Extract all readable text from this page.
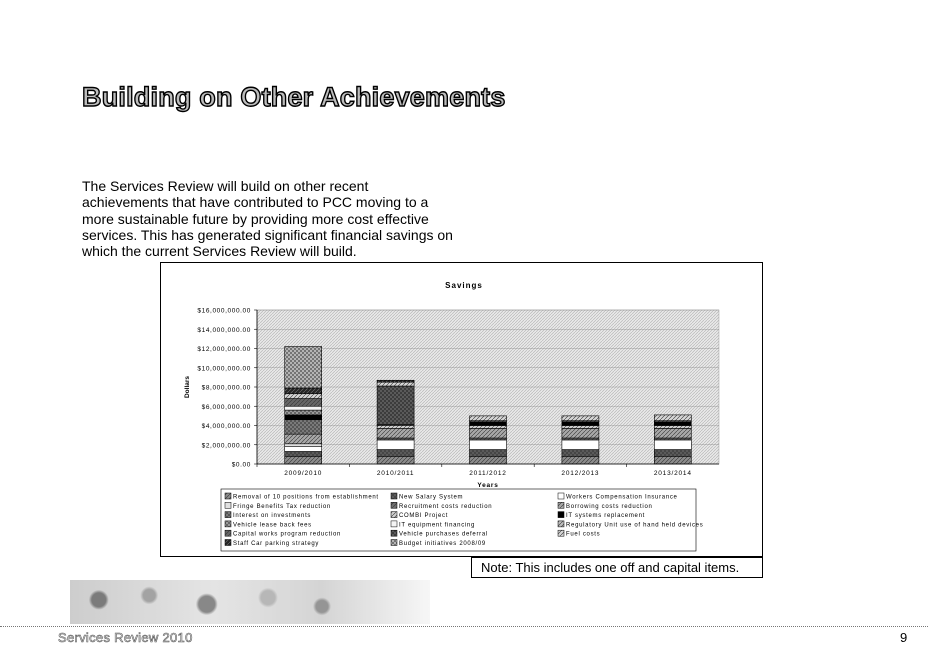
Building on Other Achievements
The Services Review will build on other recent achievements that have contributed to PCC moving to a more sustainable future by providing more cost effective services. This has generated significant financial savings on which the current Services Review will build.
Savings
$0.00
$2,000,000.00
$4,000,000.00
$6,000,000.00
$8,000,000.00
$10,000,000.00
$12,000,000.00
$14,000,000.00
$16,000,000.00
2009/2010	2010/2011	2011/2012	2012/2013	2013/2014
Years
Dollars
Removal of 10 positions from establishment	New Salary System	Workers Compensation Insurance
Fringe Benefits Tax reduction	Recruitment costs reduction	Borrowing costs reduction
Interest on investments	COMBI Project	IT systems replacement
Vehicle lease back fees	IT equipment financing	Regulatory Unit use of hand held devices
Capital works program reduction	Vehicle purchases deferral	Fuel costs
Staff Car parking strategy	Budget initiatives 2008/09
Note: This includes one off and capital items.
Services Review 2010	9
